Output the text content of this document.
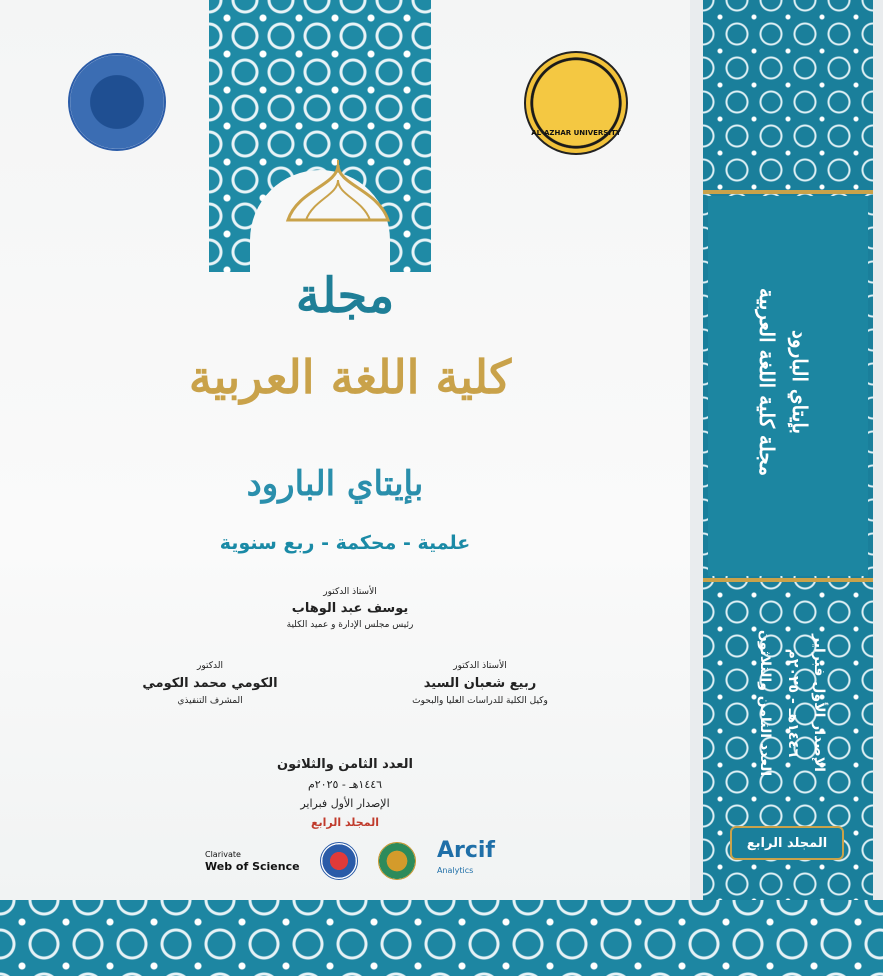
AL-AZHAR UNIVERSITY
مجلة
كلية اللغة العربية
بإيتاي البارود
علمية - محكمة - ربع سنوية
الأستاذ الدكتور
يوسف عبد الوهاب
رئيس مجلس الإدارة و عميد الكلية
الدكتور
الكومي محمد الكومي
المشرف التنفيذي
الأستاذ الدكتور
ربيع شعبان السيد
وكيل الكلية للدراسات العليا والبحوث
العدد الثامن والثلاثون
١٤٤٦هـ - ٢٠٢٥م
الإصدار الأول فبراير
المجلد الرابع
Clarivate
Web of Science
Arcif
Analytics
مجلة كلية اللغة العربية بإيتاي البارود
العدد الثامن والثلاثون ١٤٤٦هـ - ٢٠٢٥م الإصدار الأول فبراير
المجلد الرابع
